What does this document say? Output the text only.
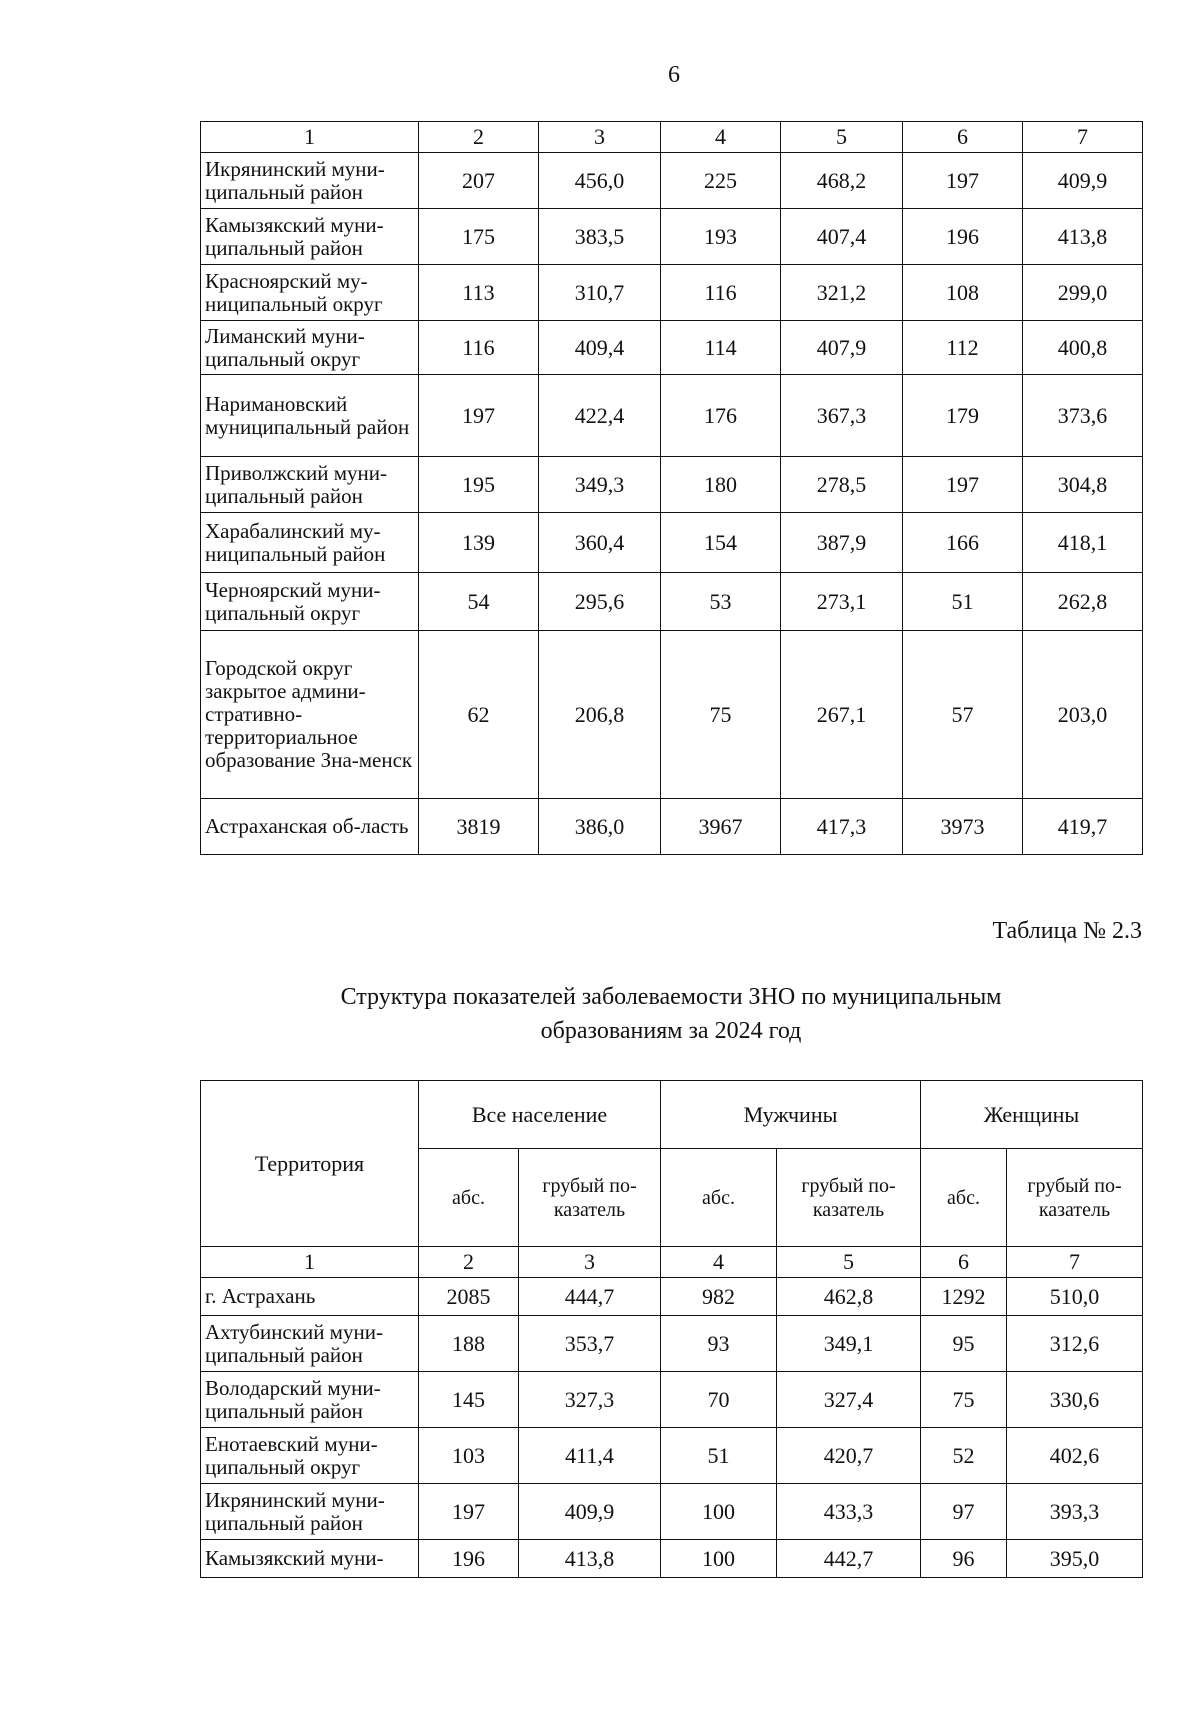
6
1	2	3	4	5	6	7
Икрянинский муни-ципальный район	207	456,0	225	468,2	197	409,9
Камызякский муни-ципальный район	175	383,5	193	407,4	196	413,8
Красноярский му-ниципальный округ	113	310,7	116	321,2	108	299,0
Лиманский муни-ципальный округ	116	409,4	114	407,9	112	400,8
Наримановский муниципальный район	197	422,4	176	367,3	179	373,6
Приволжский муни-ципальный район	195	349,3	180	278,5	197	304,8
Харабалинский му-ниципальный район	139	360,4	154	387,9	166	418,1
Черноярский муни-ципальный округ	54	295,6	53	273,1	51	262,8
Городской округ закрытое админи-стративно-территориальное образование Зна-менск	62	206,8	75	267,1	57	203,0
Астраханская об-ласть	3819	386,0	3967	417,3	3973	419,7
Таблица № 2.3
Структура показателей заболеваемости ЗНО по муниципальным
образованиям за 2024 год
Территория	Все население		Мужчины		Женщины	
	абс.	грубый по-казатель	абс.	грубый по-казатель	абс.	грубый по-казатель
1	2	3	4	5	6	7
г. Астрахань	2085	444,7	982	462,8	1292	510,0
Ахтубинский муни-ципальный район	188	353,7	93	349,1	95	312,6
Володарский муни-ципальный район	145	327,3	70	327,4	75	330,6
Енотаевский муни-ципальный округ	103	411,4	51	420,7	52	402,6
Икрянинский муни-ципальный район	197	409,9	100	433,3	97	393,3
Камызякский муни-	196	413,8	100	442,7	96	395,0
